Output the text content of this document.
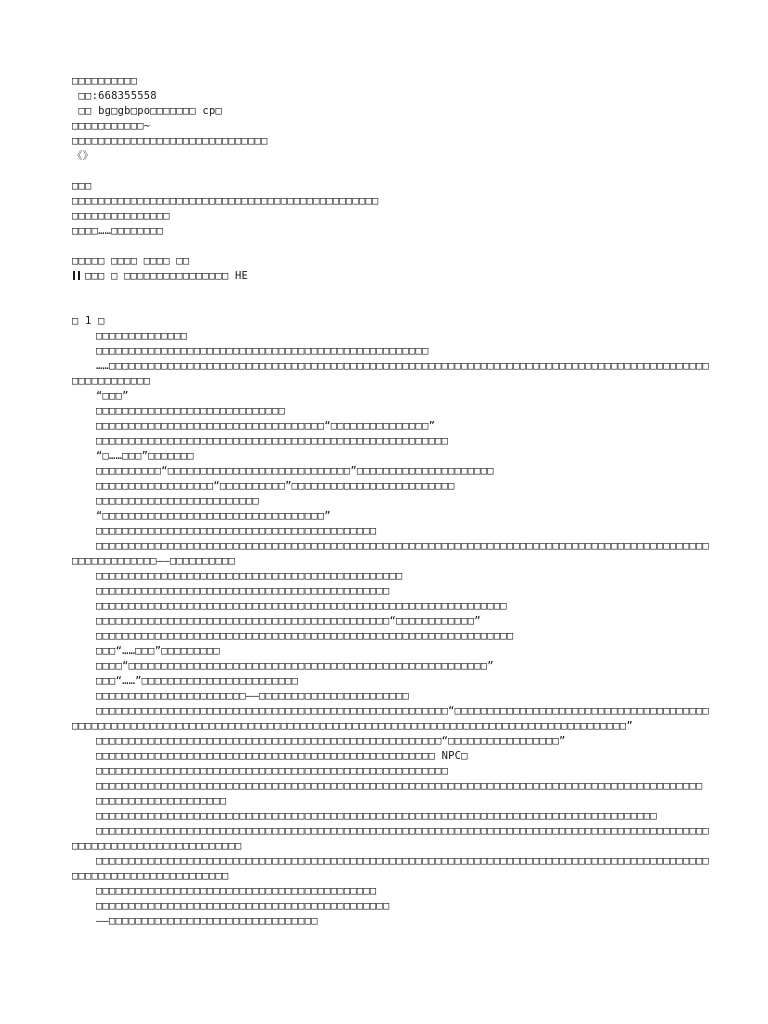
□□□□□□□□□□
□□:668355558
□□ bg□gb□po□□□□□□□ cp□
□□□□□□□□□□□~
□□□□□□□□□□□□□□□□□□□□□□□□□□□□□□
《》
□□□
□□□□□□□□□□□□□□□□□□□□□□□□□□□□□□□□□□□□□□□□□□□□□□□
□□□□□□□□□□□□□□□
□□□□……□□□□□□□□
□□□□□ □□□□ □□□□ □□
□□□ □ □□□□□□□□□□□□□□□□ HE
□ 1 □
□□□□□□□□□□□□□□
□□□□□□□□□□□□□□□□□□□□□□□□□□□□□□□□□□□□□□□□□□□□□□□□□□□
……□□□□□□□□□□□□□□□□□□□□□□□□□□□□□□□□□□□□□□□□□□□□□□□□□□□□□□□□□□□□□□□□□□□□□□□□□□□□□□□□□□□□□□□□□□□□□□□□□□□□□□□□
“□□□”
□□□□□□□□□□□□□□□□□□□□□□□□□□□□□
□□□□□□□□□□□□□□□□□□□□□□□□□□□□□□□□□□□“□□□□□□□□□□□□□□□”
□□□□□□□□□□□□□□□□□□□□□□□□□□□□□□□□□□□□□□□□□□□□□□□□□□□□□□
“□……□□□”□□□□□□□
□□□□□□□□□□“□□□□□□□□□□□□□□□□□□□□□□□□□□□□”□□□□□□□□□□□□□□□□□□□□□
□□□□□□□□□□□□□□□□□□“□□□□□□□□□□”□□□□□□□□□□□□□□□□□□□□□□□□□
□□□□□□□□□□□□□□□□□□□□□□□□□
“□□□□□□□□□□□□□□□□□□□□□□□□□□□□□□□□□□”
□□□□□□□□□□□□□□□□□□□□□□□□□□□□□□□□□□□□□□□□□□□
□□□□□□□□□□□□□□□□□□□□□□□□□□□□□□□□□□□□□□□□□□□□□□□□□□□□□□□□□□□□□□□□□□□□□□□□□□□□□□□□□□□□□□□□□□□□□□□□□□□□□□□□□□□——□□□□□□□□□□
□□□□□□□□□□□□□□□□□□□□□□□□□□□□□□□□□□□□□□□□□□□□□□□
□□□□□□□□□□□□□□□□□□□□□□□□□□□□□□□□□□□□□□□□□□□□□
□□□□□□□□□□□□□□□□□□□□□□□□□□□□□□□□□□□□□□□□□□□□□□□□□□□□□□□□□□□□□□□
□□□□□□□□□□□□□□□□□□□□□□□□□□□□□□□□□□□□□□□□□□□□□“□□□□□□□□□□□□”
□□□□□□□□□□□□□□□□□□□□□□□□□□□□□□□□□□□□□□□□□□□□□□□□□□□□□□□□□□□□□□□□
□□□“……□□□”□□□□□□□□□
□□□□“□□□□□□□□□□□□□□□□□□□□□□□□□□□□□□□□□□□□□□□□□□□□□□□□□□□□□□□”
□□□“……”□□□□□□□□□□□□□□□□□□□□□□□□
□□□□□□□□□□□□□□□□□□□□□□□——□□□□□□□□□□□□□□□□□□□□□□□
□□□□□□□□□□□□□□□□□□□□□□□□□□□□□□□□□□□□□□□□□□□□□□□□□□□□□□“□□□□□□□□□□□□□□□□□□□□□□□□□□□□□□□□□□□□□□□□□□□□□□□□□□□□□□□□□□□□□□□□□□□□□□□□□□□□□□□□□□□□□□□□□□□□□□□□□□□□□□□□□□□□□□□□□□□□□□□□□□□□”
□□□□□□□□□□□□□□□□□□□□□□□□□□□□□□□□□□□□□□□□□□□□□□□□□□□□□“□□□□□□□□□□□□□□□□□”
□□□□□□□□□□□□□□□□□□□□□□□□□□□□□□□□□□□□□□□□□□□□□□□□□□□□ NPC□
□□□□□□□□□□□□□□□□□□□□□□□□□□□□□□□□□□□□□□□□□□□□□□□□□□□□□□
□□□□□□□□□□□□□□□□□□□□□□□□□□□□□□□□□□□□□□□□□□□□□□□□□□□□□□□□□□□□□□□□□□□□□□□□□□□□□□□□□□□□□□□□□□□□□
□□□□□□□□□□□□□□□□□□□□
□□□□□□□□□□□□□□□□□□□□□□□□□□□□□□□□□□□□□□□□□□□□□□□□□□□□□□□□□□□□□□□□□□□□□□□□□□□□□□□□□□□□□□
□□□□□□□□□□□□□□□□□□□□□□□□□□□□□□□□□□□□□□□□□□□□□□□□□□□□□□□□□□□□□□□□□□□□□□□□□□□□□□□□□□□□□□□□□□□□□□□□□□□□□□□□□□□□□□□□□□□□□□□□
□□□□□□□□□□□□□□□□□□□□□□□□□□□□□□□□□□□□□□□□□□□□□□□□□□□□□□□□□□□□□□□□□□□□□□□□□□□□□□□□□□□□□□□□□□□□□□□□□□□□□□□□□□□□□□□□□□□□□□
□□□□□□□□□□□□□□□□□□□□□□□□□□□□□□□□□□□□□□□□□□□
□□□□□□□□□□□□□□□□□□□□□□□□□□□□□□□□□□□□□□□□□□□□□
——□□□□□□□□□□□□□□□□□□□□□□□□□□□□□□□□
